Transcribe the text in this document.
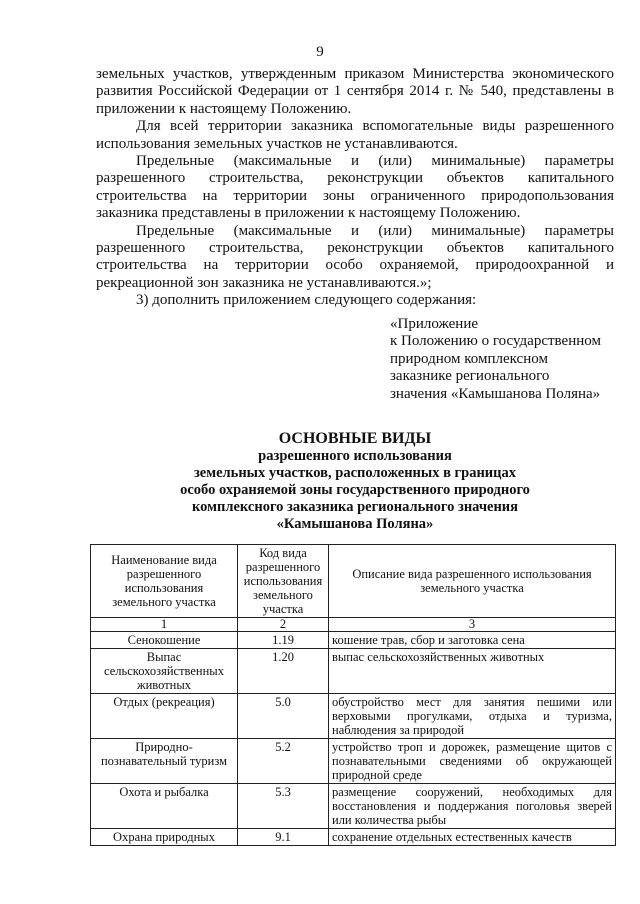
9

земельных участков, утвержденным приказом Министерства экономического развития Российской Федерации от 1 сентября 2014 г. № 540, представлены в приложении к настоящему Положению.

Для всей территории заказника вспомогательные виды разрешенного использования земельных участков не устанавливаются.

Предельные (максимальные и (или) минимальные) параметры разрешенного строительства, реконструкции объектов капитального строительства на территории зоны ограниченного природопользования заказника представлены в приложении к настоящему Положению.

Предельные (максимальные и (или) минимальные) параметры разрешенного строительства, реконструкции объектов капитального строительства на территории особо охраняемой, природоохранной и рекреационной зон заказника не устанавливаются.»;

3) дополнить приложением следующего содержания:

«Приложение
к Положению о государственном
природном комплексном
заказнике регионального
значения «Камышанова Поляна»
ОСНОВНЫЕ ВИДЫ
разрешенного использования
земельных участков, расположенных в границах
особо охраняемой зоны государственного природного
комплексного заказника регионального значения
«Камышанова Поляна»
Наименование вида разрешенного использования земельного участка	Код вида разрешенного использования земельного участка	Описание вида разрешенного использования земельного участка
1	2	3
Сенокошение	1.19	кошение трав, сбор и заготовка сена
Выпас сельскохозяйственных животных	1.20	выпас сельскохозяйственных животных
Отдых (рекреация)	5.0	обустройство мест для занятия пешими или верховыми прогулками, отдыха и туризма, наблюдения за природой
Природно-познавательный туризм	5.2	устройство троп и дорожек, размещение щитов с познавательными сведениями об окружающей природной среде
Охота и рыбалка	5.3	размещение сооружений, необходимых для восстановления и поддержания поголовья зверей или количества рыбы
Охрана природных	9.1	сохранение отдельных естественных качеств
